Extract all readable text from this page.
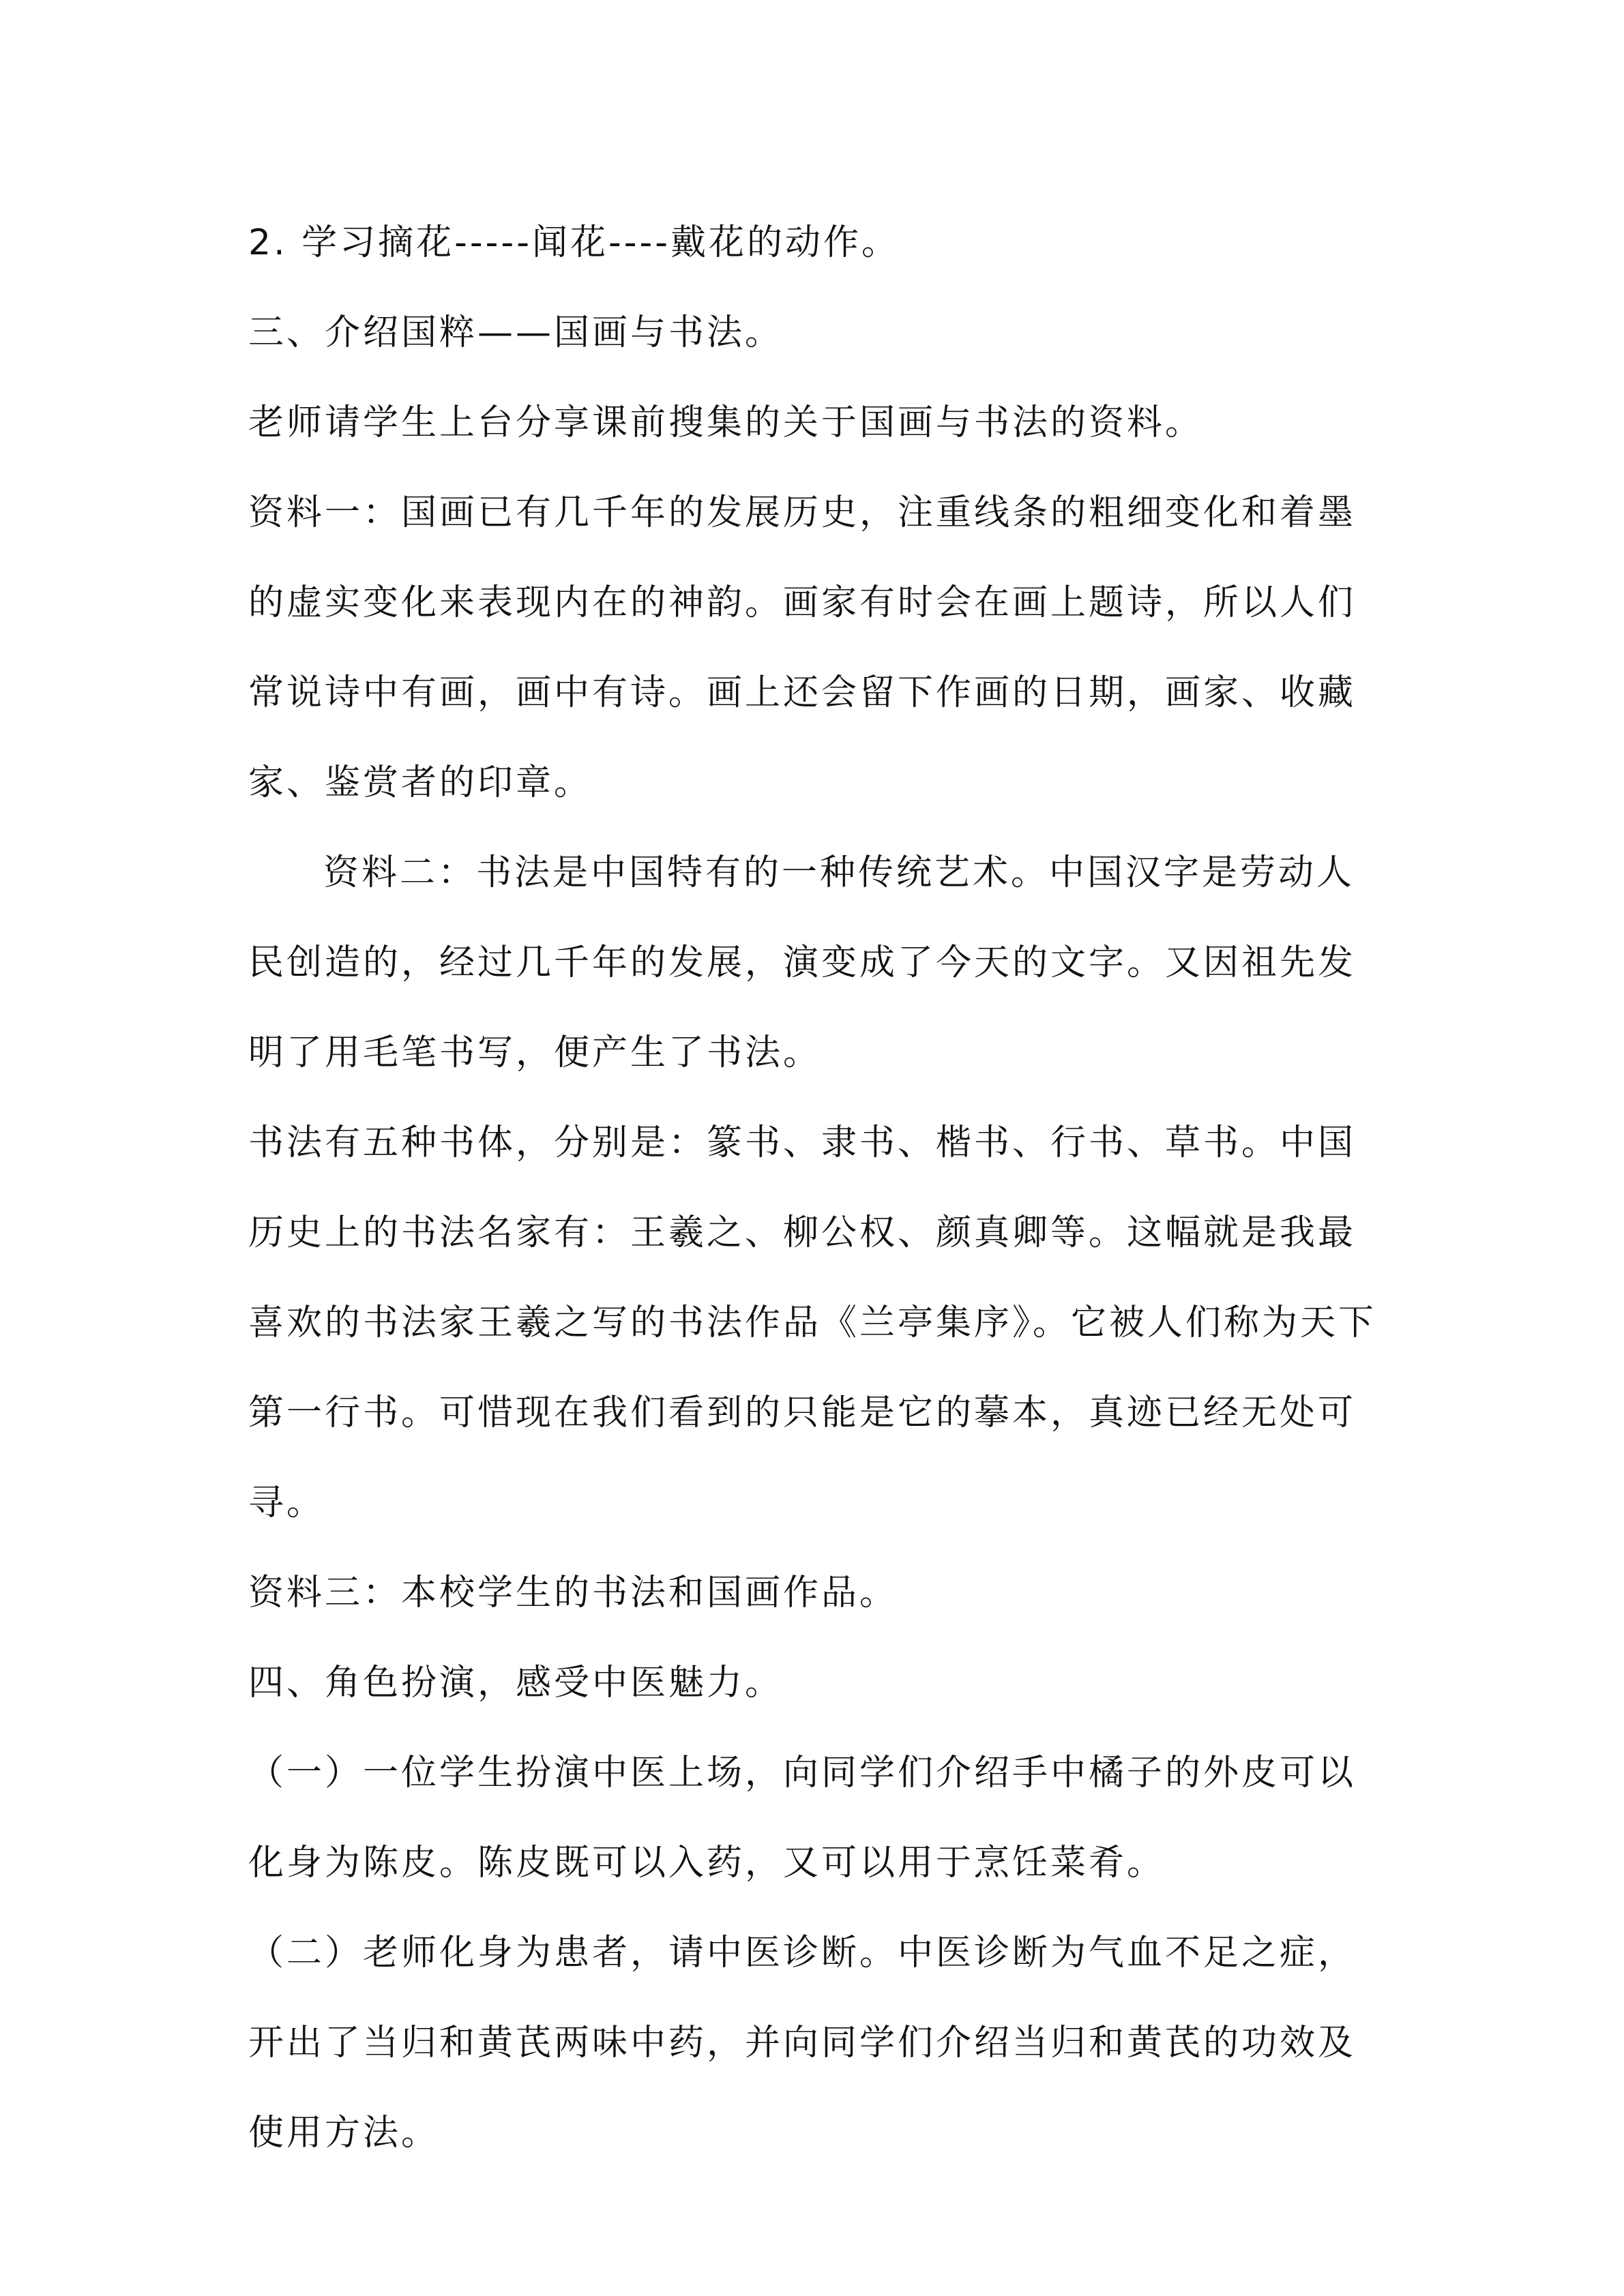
2. 学习摘花-----闻花----戴花的动作。

三、介绍国粹——国画与书法。

老师请学生上台分享课前搜集的关于国画与书法的资料。

资料一：国画已有几千年的发展历史，注重线条的粗细变化和着墨的虚实变化来表现内在的神韵。画家有时会在画上题诗，所以人们常说诗中有画，画中有诗。画上还会留下作画的日期，画家、收藏家、鉴赏者的印章。

资料二：书法是中国特有的一种传统艺术。中国汉字是劳动人民创造的，经过几千年的发展，演变成了今天的文字。又因祖先发明了用毛笔书写，便产生了书法。

书法有五种书体，分别是：篆书、隶书、楷书、行书、草书。中国历史上的书法名家有：王羲之、柳公权、颜真卿等。这幅就是我最喜欢的书法家王羲之写的书法作品《兰亭集序》。它被人们称为天下第一行书。可惜现在我们看到的只能是它的摹本，真迹已经无处可寻。

资料三：本校学生的书法和国画作品。

四、角色扮演，感受中医魅力。

（一）一位学生扮演中医上场，向同学们介绍手中橘子的外皮可以化身为陈皮。陈皮既可以入药，又可以用于烹饪菜肴。

（二）老师化身为患者，请中医诊断。中医诊断为气血不足之症，开出了当归和黄芪两味中药，并向同学们介绍当归和黄芪的功效及使用方法。
